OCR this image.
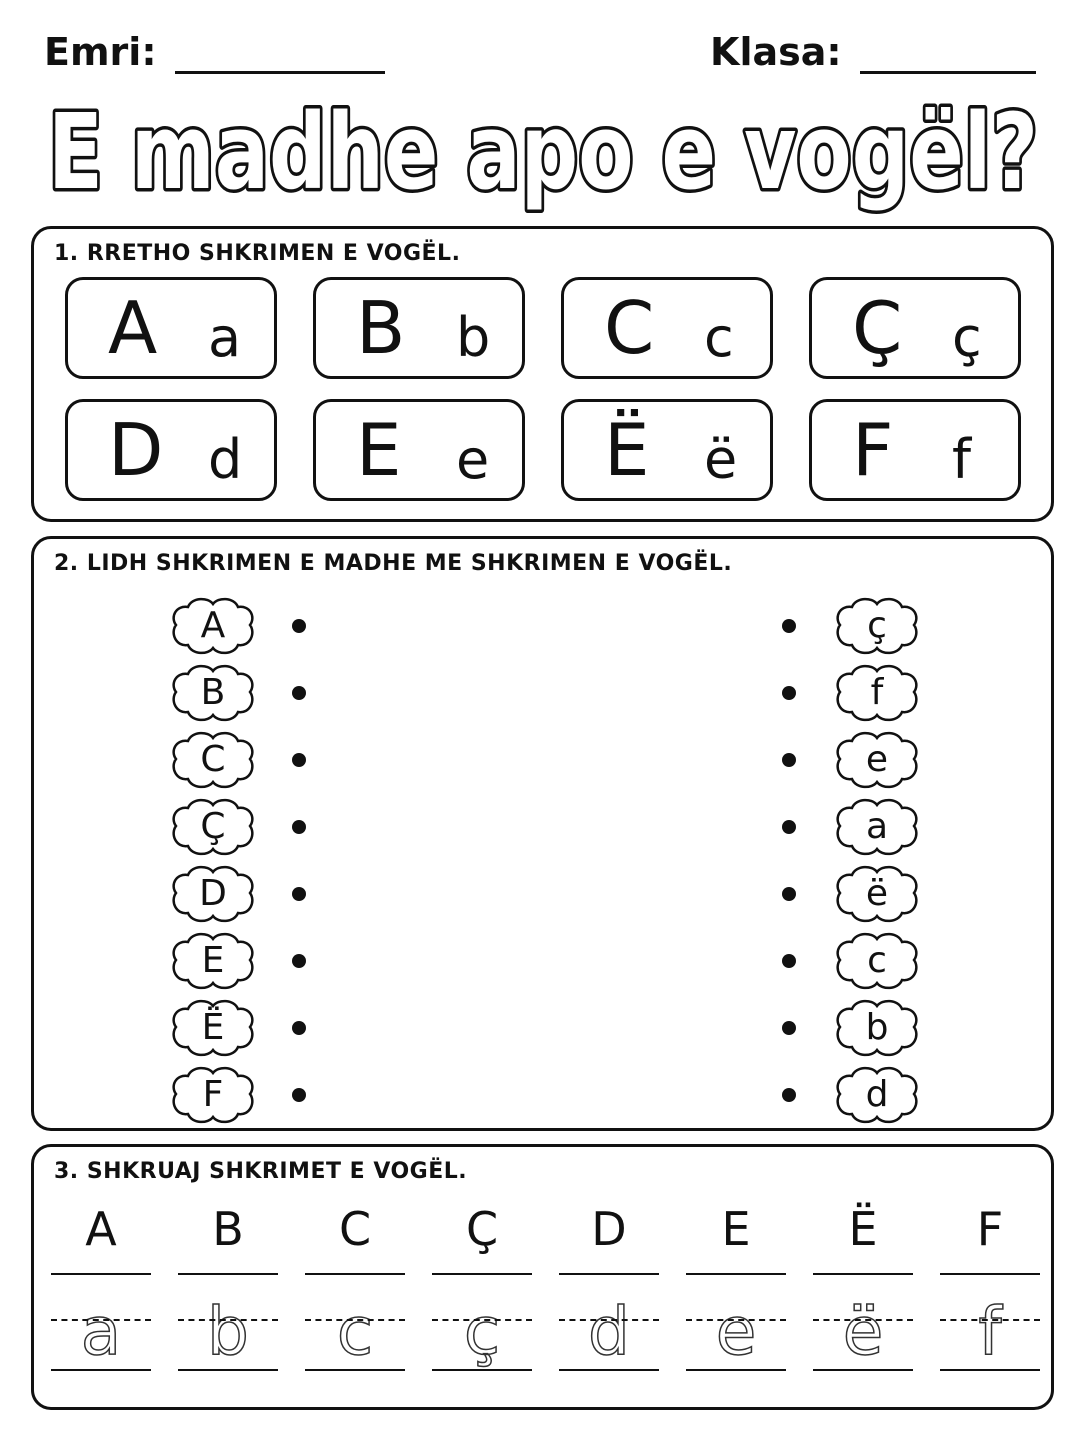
Emri:	Klasa:
E madhe apo e vogël?
1. RRETHO SHKRIMEN E VOGËL.
A a B b C c Ç ç
D d E e Ë ë F f
2. LIDH SHKRIMEN E MADHE ME SHKRIMEN E VOGËL.
A
B
C
Ç
D
E
Ë
F
ç
f
e
a
ë
c
b
d
3. SHKRUAJ SHKRIMET E VOGËL.
A
a
B
b
C
c
Ç
ç
D
d
E
e
Ë
ë
F
f
